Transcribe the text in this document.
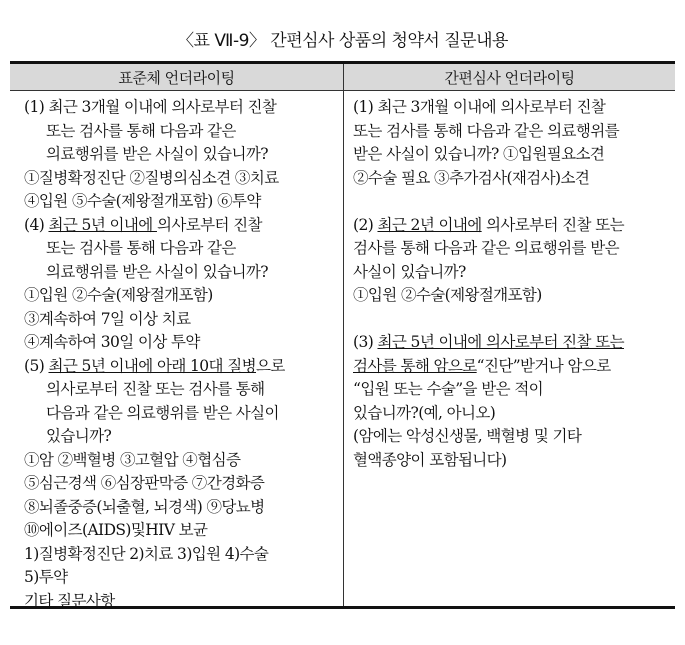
〈표 Ⅶ-9〉 간편심사 상품의 청약서 질문내용
표준체 언더라이팅	간편심사 언더라이팅
(1) 최근 3개월 이내에 의사로부터 진찰
또는 검사를 통해 다음과 같은
의료행위를 받은 사실이 있습니까?
①질병확정진단 ②질병의심소견 ③치료
④입원 ⑤수술(제왕절개포함) ⑥투약
(4) 최근 5년 이내에 의사로부터 진찰
또는 검사를 통해 다음과 같은
의료행위를 받은 사실이 있습니까?
①입원 ②수술(제왕절개포함)
③계속하여 7일 이상 치료
④계속하여 30일 이상 투약
(5) 최근 5년 이내에 아래 10대 질병으로
의사로부터 진찰 또는 검사를 통해
다음과 같은 의료행위를 받은 사실이
있습니까?
①암 ②백혈병 ③고혈압 ④협심증
⑤심근경색 ⑥심장판막증 ⑦간경화증
⑧뇌졸중증(뇌출혈, 뇌경색) ⑨당뇨병
⑩에이즈(AIDS)및HIV 보균
1)질병확정진단 2)치료 3)입원 4)수술
5)투약
기타 질문사항
(1) 최근 3개월 이내에 의사로부터 진찰
또는 검사를 통해 다음과 같은 의료행위를
받은 사실이 있습니까? ①입원필요소견
②수술 필요 ③추가검사(재검사)소견
(2) 최근 2년 이내에 의사로부터 진찰 또는
검사를 통해 다음과 같은 의료행위를 받은
사실이 있습니까?
①입원 ②수술(제왕절개포함)
(3) 최근 5년 이내에 의사로부터 진찰 또는
검사를 통해 암으로“진단”받거나 암으로
“입원 또는 수술”을 받은 적이
있습니까?(예, 아니오)
(암에는 악성신생물, 백혈병 및 기타
혈액종양이 포함됩니다)
